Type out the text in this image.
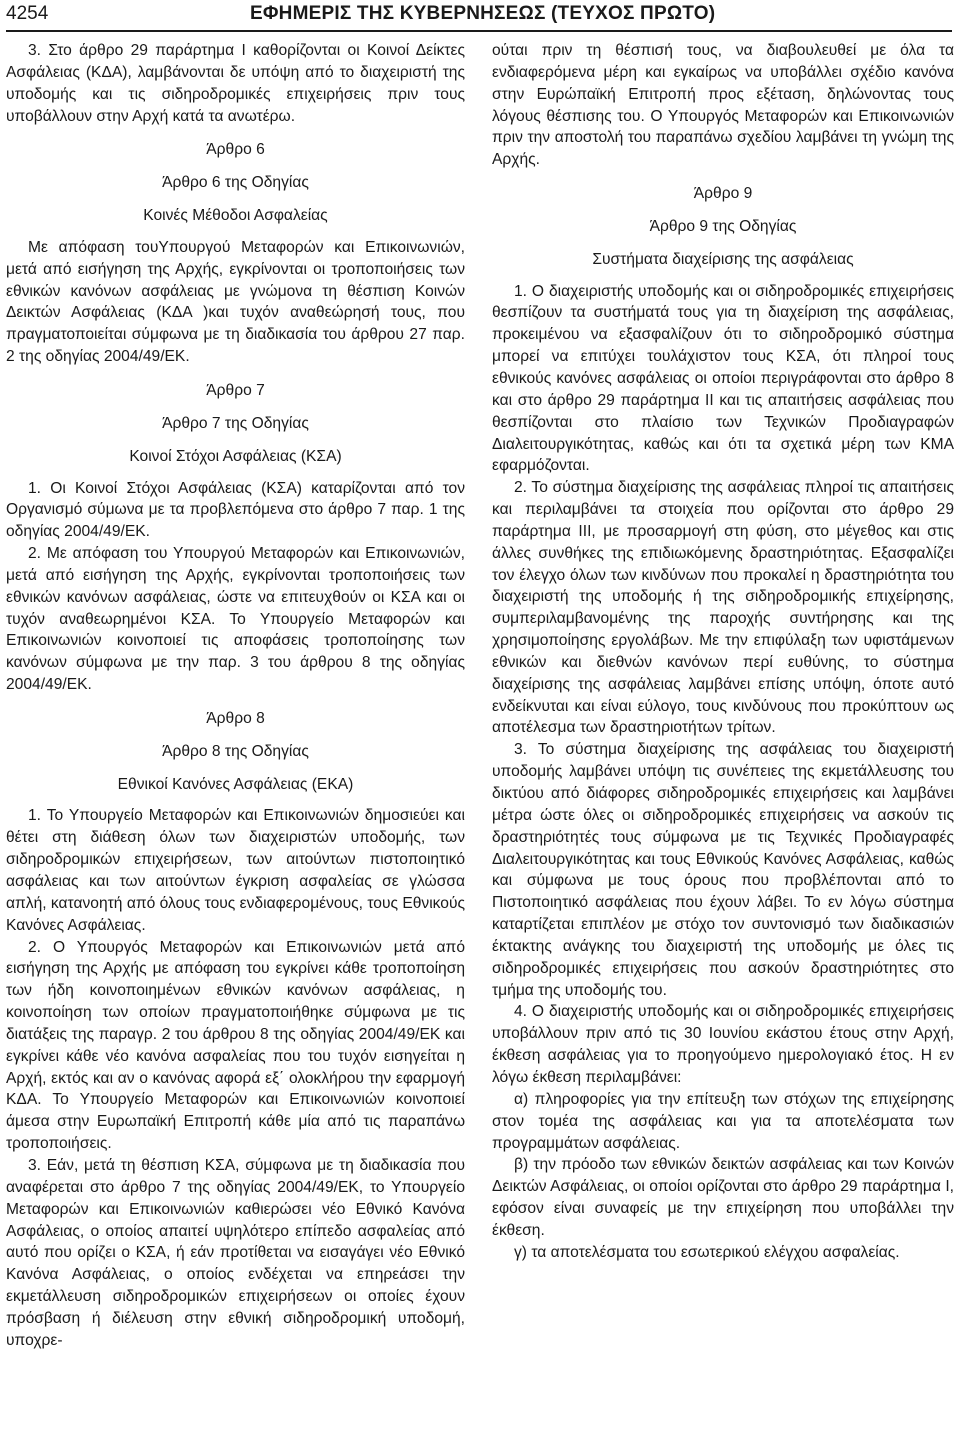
4254	ΕΦΗΜΕΡΙΣ ΤΗΣ ΚΥΒΕΡΝΗΣΕΩΣ (ΤΕΥΧΟΣ ΠΡΩΤΟ)

3. Στο άρθρο 29 παράρτημα Ι καθορίζονται οι Κοινοί Δείκτες Ασφάλειας (ΚΔΑ), λαμβάνονται δε υπόψη από το διαχειριστή της υποδομής και τις σιδηροδρομικές επιχειρήσεις πριν τους υποβάλλουν στην Αρχή κατά τα ανωτέρω.

Άρθρο 6

Άρθρο 6 της Οδηγίας

Κοινές Μέθοδοι Ασφαλείας

Με απόφαση τουΥπουργού Μεταφορών και Επικοινωνιών, μετά από εισήγηση της Αρχής, εγκρίνονται οι τροποποιήσεις των εθνικών κανόνων ασφάλειας με γνώμονα τη θέσπιση Κοινών Δεικτών Ασφάλειας (ΚΔΑ )και τυχόν αναθεώρησή τους, που πραγματοποιείται σύμφωνα με τη διαδικασία του άρθρου 27 παρ. 2 της οδηγίας 2004/49/ΕΚ.

Άρθρο 7

Άρθρο 7 της Οδηγίας

Κοινοί Στόχοι Ασφάλειας (ΚΣΑ)

1. Οι Κοινοί Στόχοι Ασφάλειας (ΚΣΑ) καταρίζονται από τον Οργανισμό σύμωνα με τα προβλεπόμενα στο άρθρο 7 παρ. 1 της οδηγίας 2004/49/ΕΚ.

2. Με απόφαση του Υπουργού Μεταφορών και Επικοινωνιών, μετά από εισήγηση της Αρχής, εγκρίνονται τροποποιήσεις των εθνικών κανόνων ασφάλειας, ώστε να επιτευχθούν οι ΚΣΑ και οι τυχόν αναθεωρημένοι ΚΣΑ. Το Υπουργείο Μεταφορών και Επικοινωνιών κοινοποιεί τις αποφάσεις τροποποίησης των κανόνων σύμφωνα με την παρ. 3 του άρθρου 8 της οδηγίας 2004/49/ΕΚ.

Άρθρο 8

Άρθρο 8 της Οδηγίας

Εθνικοί Κανόνες Ασφάλειας (ΕΚΑ)

1. Το Υπουργείο Μεταφορών και Επικοινωνιών δημοσιεύει και θέτει στη διάθεση όλων των διαχειριστών υποδομής, των σιδηροδρομικών επιχειρήσεων, των αιτούντων πιστοποιητικό ασφάλειας και των αιτούντων έγκριση ασφαλείας σε γλώσσα απλή, κατανοητή από όλους τους ενδιαφερομένους, τους Εθνικούς Κανόνες Ασφάλειας.

2. Ο Υπουργός Μεταφορών και Επικοινωνιών μετά από εισήγηση της Αρχής με απόφαση του εγκρίνει κάθε τροποποίηση των ήδη κοινοποιημένων εθνικών κανόνων ασφάλειας, η κοινοποίηση των οποίων πραγματοποιήθηκε σύμφωνα με τις διατάξεις της παραγρ. 2 του άρθρου 8 της οδηγίας 2004/49/ΕΚ και εγκρίνει κάθε νέο κανόνα ασφαλείας που του τυχόν εισηγείται η Αρχή, εκτός και αν ο κανόνας αφορά εξ΄ ολοκλήρου την εφαρμογή ΚΔΑ. Το Υπουργείο Μεταφορών και Επικοινωνιών κοινοποιεί άμεσα στην Ευρωπαϊκή Επιτροπή κάθε μία από τις παραπάνω τροποποιήσεις.

3. Εάν, μετά τη θέσπιση ΚΣΑ, σύμφωνα με τη διαδικασία που αναφέρεται στο άρθρο 7 της οδηγίας 2004/49/ΕΚ, το Υπουργείο Μεταφορών και Επικοινωνιών καθιερώσει νέο Εθνικό Κανόνα Ασφάλειας, ο οποίος απαιτεί υψηλότερο επίπεδο ασφαλείας από αυτό που ορίζει ο ΚΣΑ, ή εάν προτίθεται να εισαγάγει νέο Εθνικό Κανόνα Ασφάλειας, ο οποίος ενδέχεται να επηρεάσει την εκμετάλλευση σιδηροδρομικών επιχειρήσεων οι οποίες έχουν πρόσβαση ή διέλευση στην εθνική σιδηροδρομική υποδομή, υποχρε-

ούται πριν τη θέσπισή τους, να διαβουλευθεί με όλα τα ενδιαφερόμενα μέρη και εγκαίρως να υποβάλλει σχέδιο κανόνα στην Ευρώπαϊκή Επιτροπή προς εξέταση, δηλώνοντας τους λόγους θέσπισης του. Ο Υπουργός Μεταφορών και Επικοινωνιών πριν την αποστολή του παραπάνω σχεδίου λαμβάνει τη γνώμη της Αρχής.

Άρθρο 9

Άρθρο 9 της Οδηγίας

Συστήματα διαχείρισης της ασφάλειας

1. Ο διαχειριστής υποδομής και οι σιδηροδρομικές επιχειρήσεις θεσπίζουν τα συστήματά τους για τη διαχείριση της ασφάλειας, προκειμένου να εξασφαλίζουν ότι το σιδηροδρομικό σύστημα μπορεί να επιτύχει τουλάχιστον τους ΚΣΑ, ότι πληροί τους εθνικούς κανόνες ασφάλειας οι οποίοι περιγράφονται στο άρθρο 8 και στο άρθρο 29 παράρτημα ΙΙ και τις απαιτήσεις ασφάλειας που θεσπίζονται στο πλαίσιο των Τεχνικών Προδιαγραφών Διαλειτουργικότητας, καθώς και ότι τα σχετικά μέρη των ΚΜΑ εφαρμόζονται.

2. Το σύστημα διαχείρισης της ασφάλειας πληροί τις απαιτήσεις και περιλαμβάνει τα στοιχεία που ορίζονται στο άρθρο 29 παράρτημα ΙΙΙ, με προσαρμογή στη φύση, στο μέγεθος και στις άλλες συνθήκες της επιδιωκόμενης δραστηριότητας. Εξασφαλίζει τον έλεγχο όλων των κινδύνων που προκαλεί η δραστηριότητα του διαχειριστή της υποδομής ή της σιδηροδρομικής επιχείρησης, συμπεριλαμβανομένης της παροχής συντήρησης και της χρησιμοποίησης εργολάβων. Με την επιφύλαξη των υφιστάμενων εθνικών και διεθνών κανόνων περί ευθύνης, το σύστημα διαχείρισης της ασφάλειας λαμβάνει επίσης υπόψη, όποτε αυτό ενδείκνυται και είναι εύλογο, τους κινδύνους που προκύπτουν ως αποτέλεσμα των δραστηριοτήτων τρίτων.

3. Το σύστημα διαχείρισης της ασφάλειας του διαχειριστή υποδομής λαμβάνει υπόψη τις συνέπειες της εκμετάλλευσης του δικτύου από διάφορες σιδηροδρομικές επιχειρήσεις και λαμβάνει μέτρα ώστε όλες οι σιδηροδρομικές επιχειρήσεις να ασκούν τις δραστηριότητές τους σύμφωνα με τις Τεχνικές Προδιαγραφές Διαλειτουργικότητας και τους Εθνικούς Κανόνες Ασφάλειας, καθώς και σύμφωνα με τους όρους που προβλέπονται από το Πιστοποιητικό ασφάλειας που έχουν λάβει. Το εν λόγω σύστημα καταρτίζεται επιπλέον με στόχο τον συντονισμό των διαδικασιών έκτακτης ανάγκης του διαχειριστή της υποδομής με όλες τις σιδηροδρομικές επιχειρήσεις που ασκούν δραστηριότητες στο τμήμα της υποδομής του.

4. Ο διαχειριστής υποδομής και οι σιδηροδρομικές επιχειρήσεις υποβάλλουν πριν από τις 30 Ιουνίου εκάστου έτους στην Αρχή, έκθεση ασφάλειας για το προηγούμενο ημερολογιακό έτος. Η εν λόγω έκθεση περιλαμβάνει:

α) πληροφορίες για την επίτευξη των στόχων της επιχείρησης στον τομέα της ασφάλειας και για τα αποτελέσματα των προγραμμάτων ασφάλειας.

β) την πρόοδο των εθνικών δεικτών ασφάλειας και των Κοινών Δεικτών Ασφάλειας, οι οποίοι ορίζονται στο άρθρο 29 παράρτημα Ι, εφόσον είναι συναφείς με την επιχείρηση που υποβάλλει την έκθεση.

γ) τα αποτελέσματα του εσωτερικού ελέγχου ασφαλείας.
